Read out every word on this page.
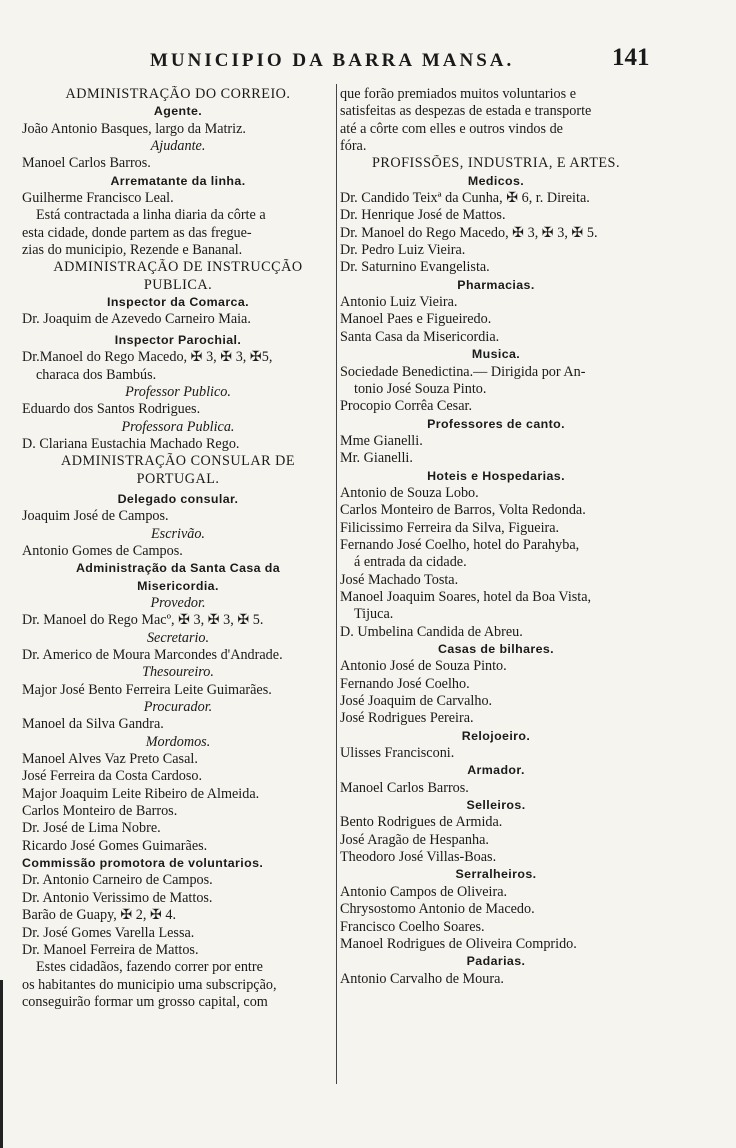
MUNICIPIO DA BARRA MANSA.	141
ADMINISTRAÇÃO DO CORREIO.
Agente.
João Antonio Basques, largo da Matriz.
Ajudante.
Manoel Carlos Barros.
Arrematante da linha.
Guilherme Francisco Leal.
Está contractada a linha diaria da côrte a
esta cidade, donde partem as das fregue-
zias do municipio, Rezende e Bananal.
ADMINISTRAÇÃO DE INSTRUCÇÃO
PUBLICA.
Inspector da Comarca.
Dr. Joaquim de Azevedo Carneiro Maia.
Inspector Parochial.
Dr.Manoel do Rego Macedo, ✠ 3, ✠ 3, ✠5,
characa dos Bambús.
Professor Publico.
Eduardo dos Santos Rodrigues.
Professora Publica.
D. Clariana Eustachia Machado Rego.
ADMINISTRAÇÃO CONSULAR DE
PORTUGAL.
Delegado consular.
Joaquim José de Campos.
Escrivão.
Antonio Gomes de Campos.
Administração da Santa Casa da
Misericordia.
Provedor.
Dr. Manoel do Rego Macº, ✠ 3, ✠ 3, ✠ 5.
Secretario.
Dr. Americo de Moura Marcondes d'Andrade.
Thesoureiro.
Major José Bento Ferreira Leite Guimarães.
Procurador.
Manoel da Silva Gandra.
Mordomos.
Manoel Alves Vaz Preto Casal.
José Ferreira da Costa Cardoso.
Major Joaquim Leite Ribeiro de Almeida.
Carlos Monteiro de Barros.
Dr. José de Lima Nobre.
Ricardo José Gomes Guimarães.
Commissão promotora de voluntarios.
Dr. Antonio Carneiro de Campos.
Dr. Antonio Verissimo de Mattos.
Barão de Guapy, ✠ 2, ✠ 4.
Dr. José Gomes Varella Lessa.
Dr. Manoel Ferreira de Mattos.
Estes cidadãos, fazendo correr por entre
os habitantes do municipio uma subscripção,
conseguirão formar um grosso capital, com
que forão premiados muitos voluntarios e
satisfeitas as despezas de estada e transporte
até a côrte com elles e outros vindos de
fóra.
PROFISSÕES, INDUSTRIA, E ARTES.
Medicos.
Dr. Candido Teixª da Cunha, ✠ 6, r. Direita.
Dr. Henrique José de Mattos.
Dr. Manoel do Rego Macedo, ✠ 3, ✠ 3, ✠ 5.
Dr. Pedro Luiz Vieira.
Dr. Saturnino Evangelista.
Pharmacias.
Antonio Luiz Vieira.
Manoel Paes e Figueiredo.
Santa Casa da Misericordia.
Musica.
Sociedade Benedictina.— Dirigida por An-
tonio José Souza Pinto.
Procopio Corrêa Cesar.
Professores de canto.
Mme Gianelli.
Mr. Gianelli.
Hoteis e Hospedarias.
Antonio de Souza Lobo.
Carlos Monteiro de Barros, Volta Redonda.
Filicissimo Ferreira da Silva, Figueira.
Fernando José Coelho, hotel do Parahyba,
á entrada da cidade.
José Machado Tosta.
Manoel Joaquim Soares, hotel da Boa Vista,
Tijuca.
D. Umbelina Candida de Abreu.
Casas de bilhares.
Antonio José de Souza Pinto.
Fernando José Coelho.
José Joaquim de Carvalho.
José Rodrigues Pereira.
Relojoeiro.
Ulisses Francisconi.
Armador.
Manoel Carlos Barros.
Selleiros.
Bento Rodrigues de Armida.
José Aragão de Hespanha.
Theodoro José Villas-Boas.
Serralheiros.
Antonio Campos de Oliveira.
Chrysostomo Antonio de Macedo.
Francisco Coelho Soares.
Manoel Rodrigues de Oliveira Comprido.
Padarias.
Antonio Carvalho de Moura.
